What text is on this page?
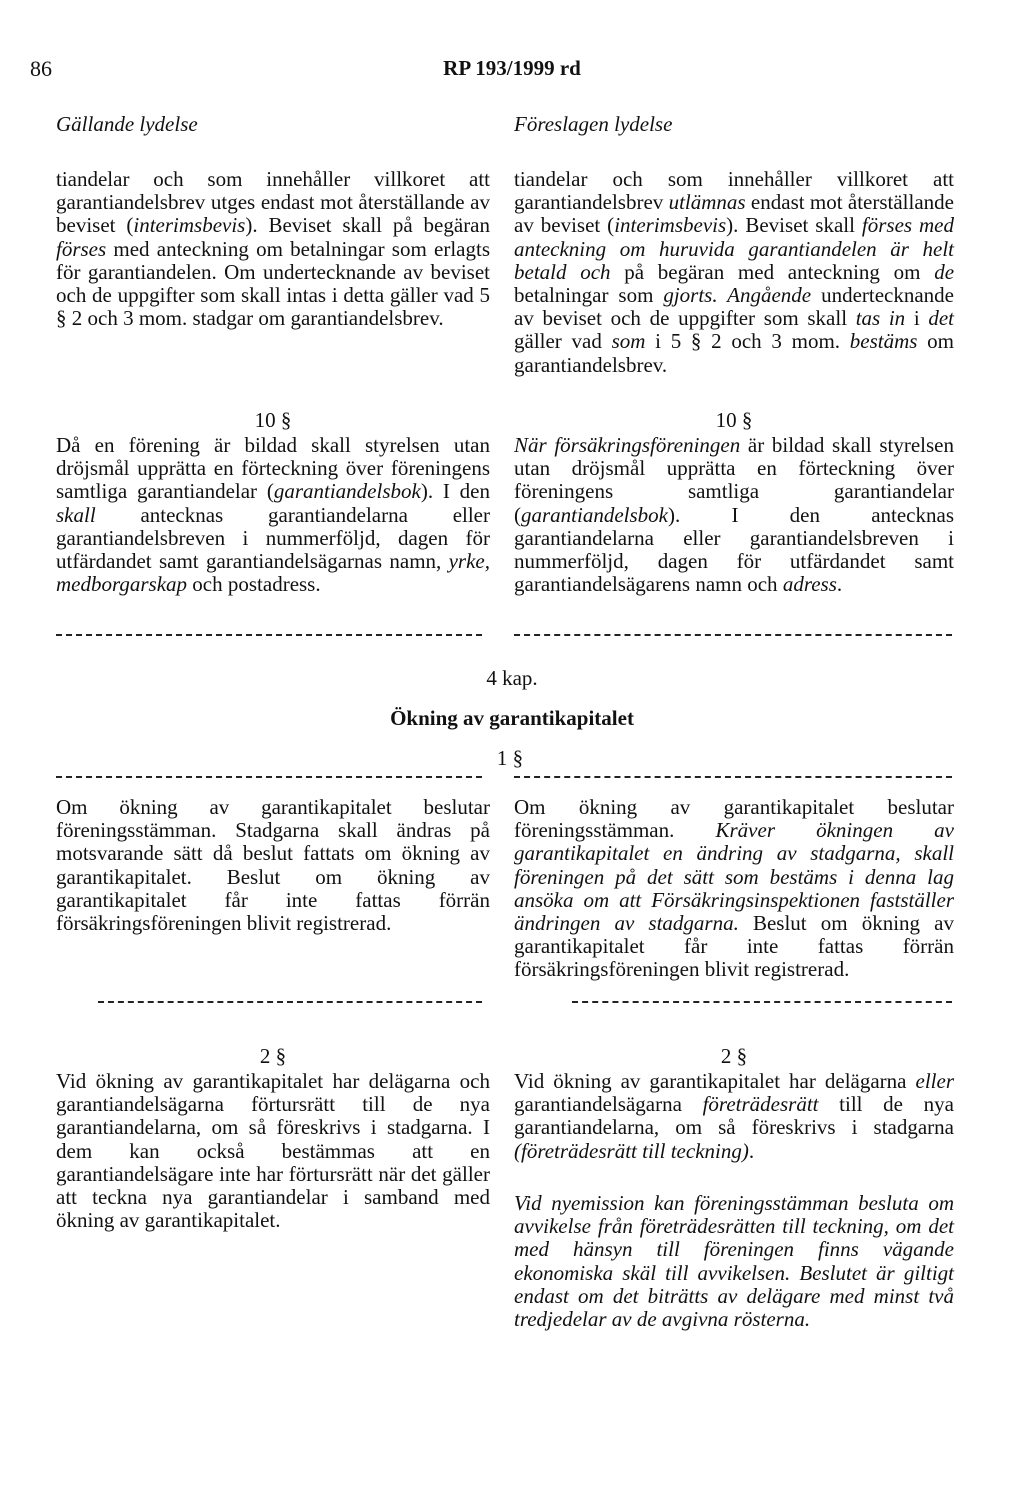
86	RP 193/1999 rd
Gällande lydelse	Föreslagen lydelse
tiandelar och som innehåller villkoret att garantiandelsbrev utges endast mot återställande av beviset (interimsbevis). Beviset skall på begäran förses med anteckning om betalningar som erlagts för garantiandelen. Om undertecknande av beviset och de uppgifter som skall intas i detta gäller vad 5 § 2 och 3 mom. stadgar om garantiandelsbrev.
tiandelar och som innehåller villkoret att garantiandelsbrev utlämnas endast mot återställande av beviset (interimsbevis). Beviset skall förses med anteckning om huruvida garantiandelen är helt betald och på begäran med anteckning om de betalningar som gjorts. Angående undertecknande av beviset och de uppgifter som skall tas in i det gäller vad som i 5 § 2 och 3 mom. bestäms om garantiandelsbrev.
10 §	10 §
Då en förening är bildad skall styrelsen utan dröjsmål upprätta en förteckning över föreningens samtliga garantiandelar (garantiandelsbok). I den skall antecknas garantiandelarna eller garantiandelsbreven i nummerföljd, dagen för utfärdandet samt garantiandelsägarnas namn, yrke, medborgarskap och postadress.
När försäkringsföreningen är bildad skall styrelsen utan dröjsmål upprätta en förteckning över föreningens samtliga garantiandelar (garantiandelsbok). I den antecknas garantiandelarna eller garantiandelsbreven i nummerföljd, dagen för utfärdandet samt garantiandelsägarens namn och adress.
4 kap.
Ökning av garantikapitalet
1 §
Om ökning av garantikapitalet beslutar föreningsstämman. Stadgarna skall ändras på motsvarande sätt då beslut fattats om ökning av garantikapitalet. Beslut om ökning av garantikapitalet får inte fattas förrän försäkringsföreningen blivit registrerad.
Om ökning av garantikapitalet beslutar föreningsstämman. Kräver ökningen av garantikapitalet en ändring av stadgarna, skall föreningen på det sätt som bestäms i denna lag ansöka om att Försäkringsinspektionen fastställer ändringen av stadgarna. Beslut om ökning av garantikapitalet får inte fattas förrän försäkringsföreningen blivit registrerad.
2 §	2 §
Vid ökning av garantikapitalet har delägarna och garantiandelsägarna förtursrätt till de nya garantiandelarna, om så föreskrivs i stadgarna. I dem kan också bestämmas att en garantiandelsägare inte har förtursrätt när det gäller att teckna nya garantiandelar i samband med ökning av garantikapitalet.
Vid ökning av garantikapitalet har delägarna eller garantiandelsägarna företrädesrätt till de nya garantiandelarna, om så föreskrivs i stadgarna (företrädesrätt till teckning).
Vid nyemission kan föreningsstämman besluta om avvikelse från företrädesrätten till teckning, om det med hänsyn till föreningen finns vägande ekonomiska skäl till avvikelsen. Beslutet är giltigt endast om det biträtts av delägare med minst två tredjedelar av de avgivna rösterna.
